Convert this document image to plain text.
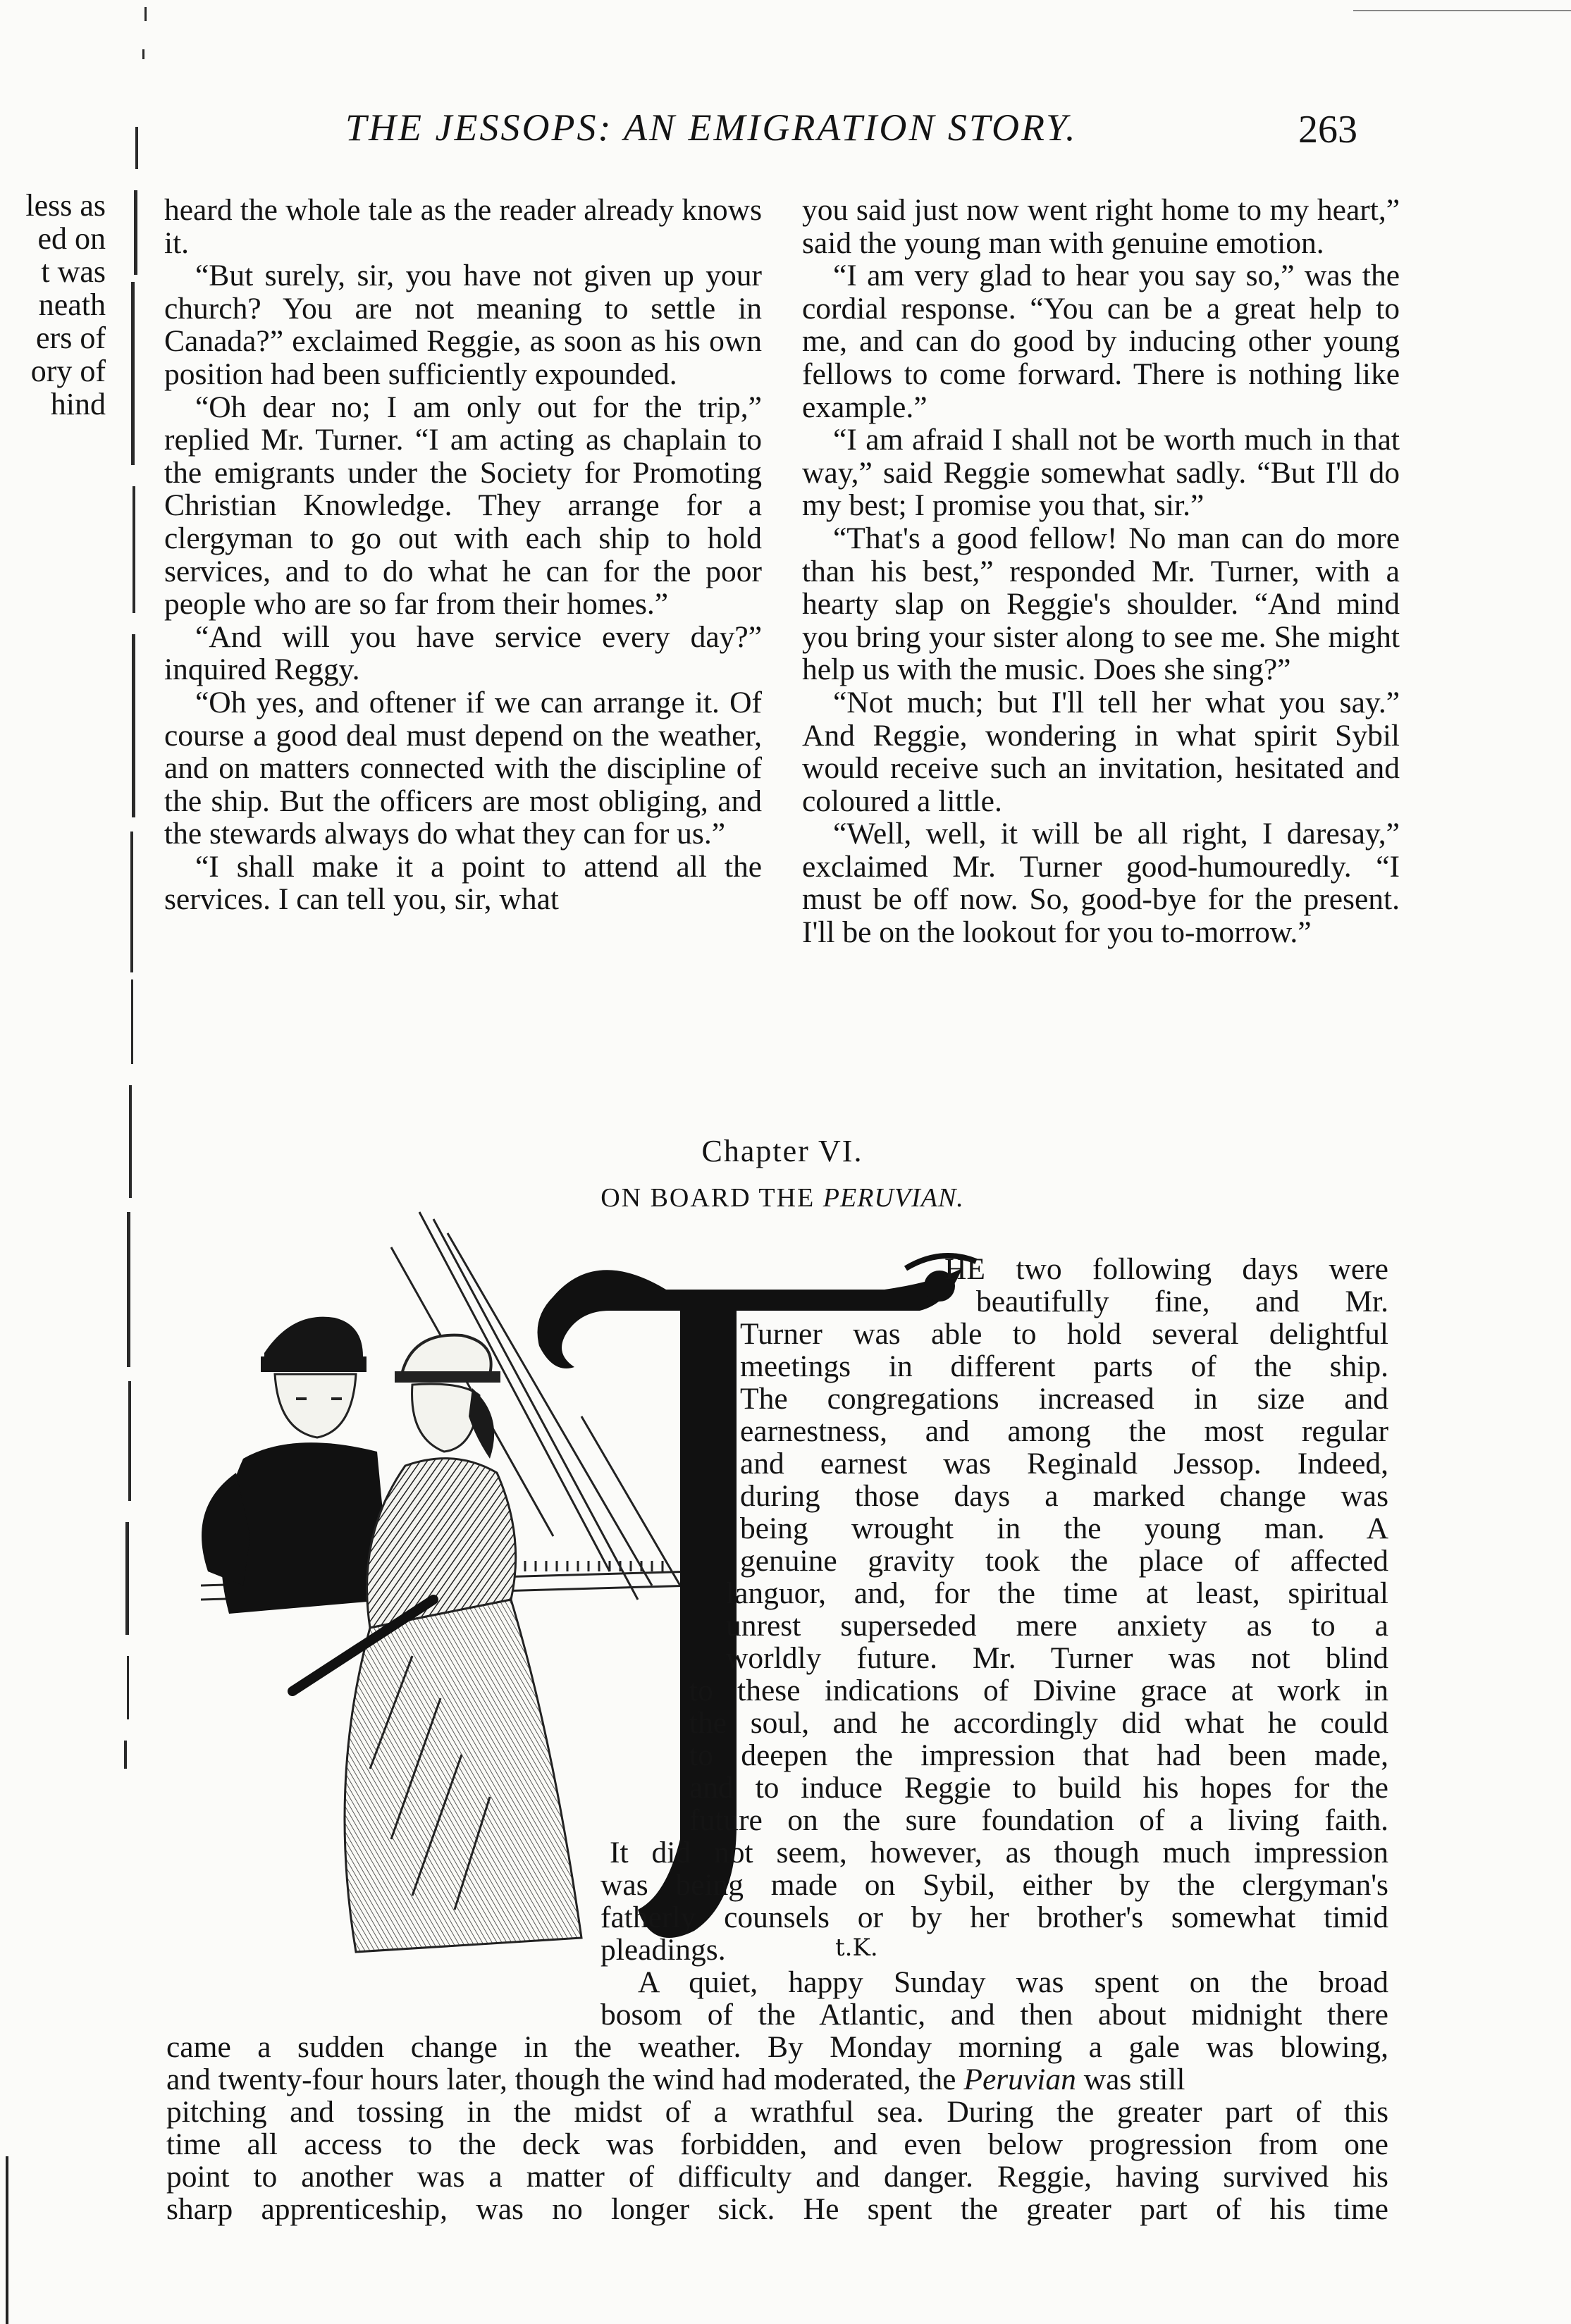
THE JESSOPS: AN EMIGRATION STORY.	263
less as
ed on
t was
neath
ers of
ory of
hind

heard the whole tale as the reader already knows it.

“But surely, sir, you have not given up your church? You are not meaning to settle in Canada?” exclaimed Reggie, as soon as his own position had been sufficiently expounded.

“Oh dear no; I am only out for the trip,” replied Mr. Turner. “I am acting as chaplain to the emigrants under the Society for Promoting Christian Knowledge. They arrange for a clergyman to go out with each ship to hold services, and to do what he can for the poor people who are so far from their homes.”

“And will you have service every day?” inquired Reggy.

“Oh yes, and oftener if we can arrange it. Of course a good deal must depend on the weather, and on matters connected with the discipline of the ship. But the officers are most obliging, and the stewards always do what they can for us.”

“I shall make it a point to attend all the services. I can tell you, sir, what

you said just now went right home to my heart,” said the young man with genuine emotion.

“I am very glad to hear you say so,” was the cordial response. “You can be a great help to me, and can do good by inducing other young fellows to come forward. There is nothing like example.”

“I am afraid I shall not be worth much in that way,” said Reggie somewhat sadly. “But I'll do my best; I promise you that, sir.”

“That's a good fellow! No man can do more than his best,” responded Mr. Turner, with a hearty slap on Reggie's shoulder. “And mind you bring your sister along to see me. She might help us with the music. Does she sing?”

“Not much; but I'll tell her what you say.” And Reggie, wondering in what spirit Sybil would receive such an invitation, hesitated and coloured a little.

“Well, well, it will be all right, I daresay,” exclaimed Mr. Turner good-humouredly. “I must be off now. So, good-bye for the present. I'll be on the lookout for you to-morrow.”

Chapter VI.
ON BOARD THE PERUVIAN.
t.K.
HE two following days were
beautifully fine, and Mr.
Turner was able to hold several delightful
meetings in different parts of the ship.
The congregations increased in size and
earnestness, and among the most regular
and earnest was Reginald Jessop. Indeed,
during those days a marked change was
being wrought in the young man. A
genuine gravity took the place of affected
languor, and, for the time at least, spiritual
unrest superseded mere anxiety as to a
worldly future. Mr. Turner was not blind
to these indications of Divine grace at work in
the soul, and he accordingly did what he could
to deepen the impression that had been made,
and to induce Reggie to build his hopes for the
future on the sure foundation of a living faith.
It did not seem, however, as though much impression
was being made on Sybil, either by the clergyman's
fatherly counsels or by her brother's somewhat timid
pleadings.
A quiet, happy Sunday was spent on the broad
bosom of the Atlantic, and then about midnight there
came a sudden change in the weather. By Monday morning a gale was blowing,
and twenty-four hours later, though the wind had moderated, the Peruvian was still
pitching and tossing in the midst of a wrathful sea. During the greater part of this
time all access to the deck was forbidden, and even below progression from one
point to another was a matter of difficulty and danger. Reggie, having survived his
sharp apprenticeship, was no longer sick. He spent the greater part of his time
